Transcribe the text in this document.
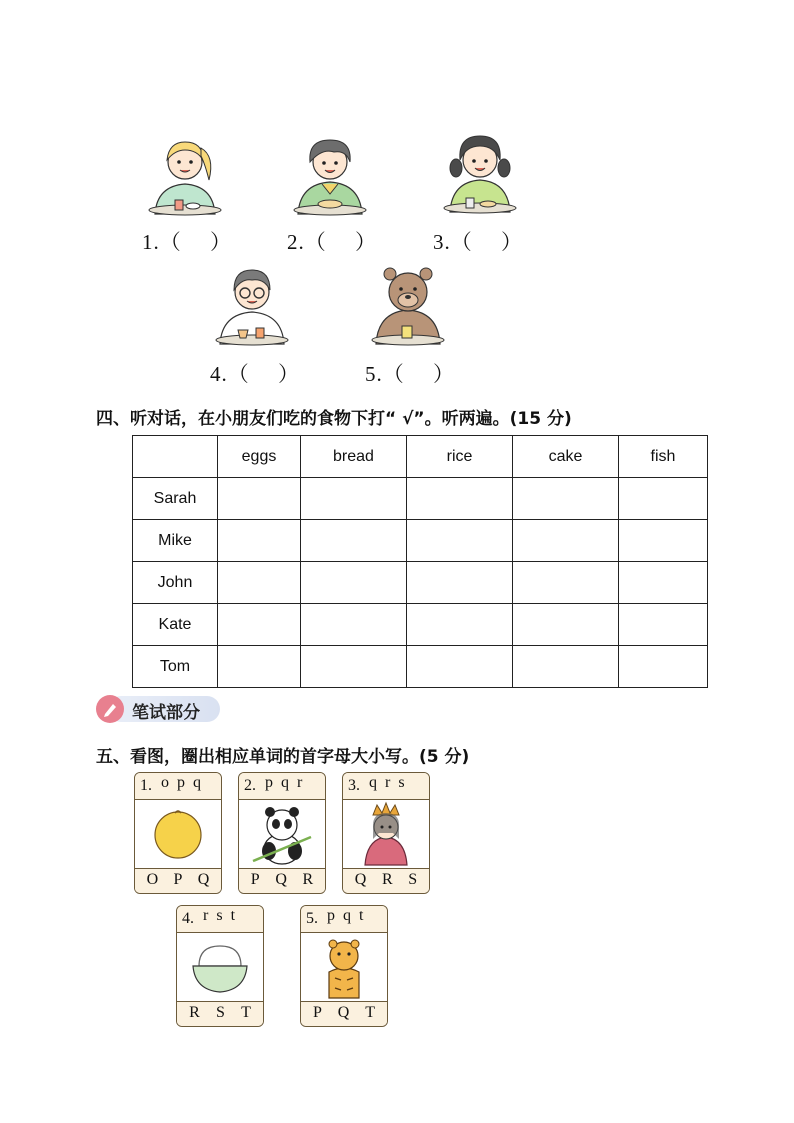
1.（　 ）	2.（　 ）	3.（　 ）
4.（　 ）	5.（　 ）
四、听对话，在小朋友们吃的食物下打“ √”。听两遍。(15 分)
	eggs	bread	rice	cake	fish
Sarah					
Mike					
John					
Kate					
Tom					
笔试部分
五、看图，圈出相应单词的首字母大小写。(5 分)
1. o p q
O P Q
2. p q r
P Q R
3. q r s
Q R S
4. r s t
R S T
5. p q t
P Q T
